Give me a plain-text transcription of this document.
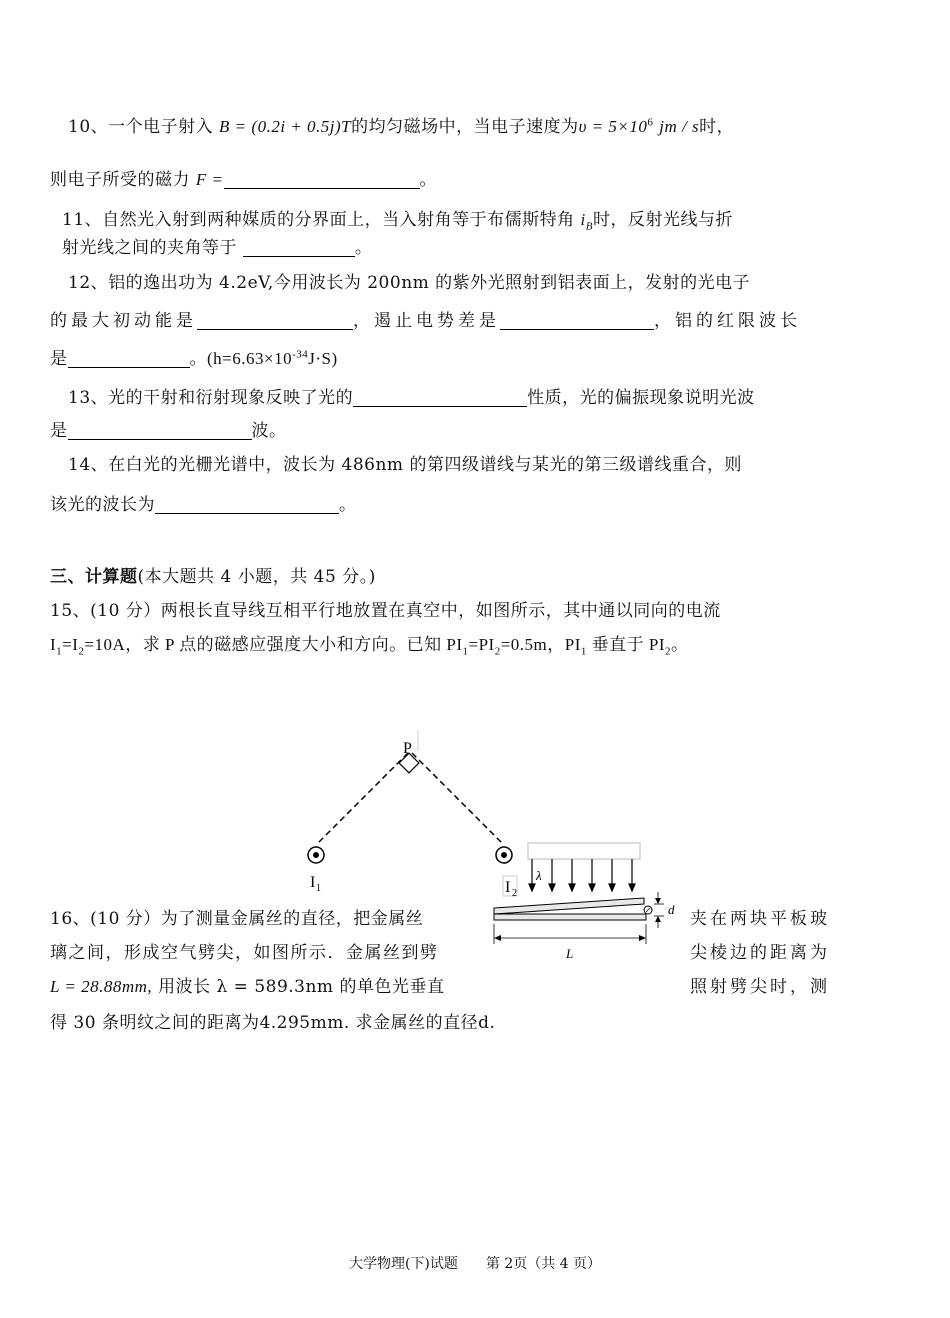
10、一个电子射入 B = (0.2i + 0.5j)T的均匀磁场中，当电子速度为$\upsilon = 5\times 10^6$ jm / s时，
则电子所受的磁力 F =	。
11、自然光入射到两种媒质的分界面上，当入射角等于布儒斯特角 $i_B$时，反射光线与折
射光线之间的夹角等于	。
12、铝的逸出功为 4.2eV,今用波长为 200nm 的紫外光照射到铝表面上，发射的光电子
的最大初动能是	，遏止电势差是	，铝的红限波长
是	。$(h=6.63\times 10^{-34}J\cdot S)$
13、光的干射和衍射现象反映了光的	性质，光的偏振现象说明光波
是	波。
14、在白光的光栅光谱中，波长为 486nm 的第四级谱线与某光的第三级谱线重合，则
该光的波长为	。
三、计算题(本大题共 4 小题，共 45 分。)
15、(10 分）两根长直导线互相平行地放置在真空中，如图所示，其中通以同向的电流
$I_1=I_2=10A$，求 P 点的磁感应强度大小和方向。已知 $PI_1=PI_2=0.5m$，$PI_1$ 垂直于 $PI_2$。
P
I 1	I 2
λ
d
L
16、(10 分）为了测量金属丝的直径，把金属丝	夹在两块平板玻
璃之间，形成空气劈尖，如图所示．金属丝到劈	尖棱边的距离为
L = 28.88mm, 用波长 λ = 589.3nm 的单色光垂直	照射劈尖时，测
得 30 条明纹之间的距离为4.295mm. 求金属丝的直径d.
大学物理(下)试题　　第 2页（共 4 页）
